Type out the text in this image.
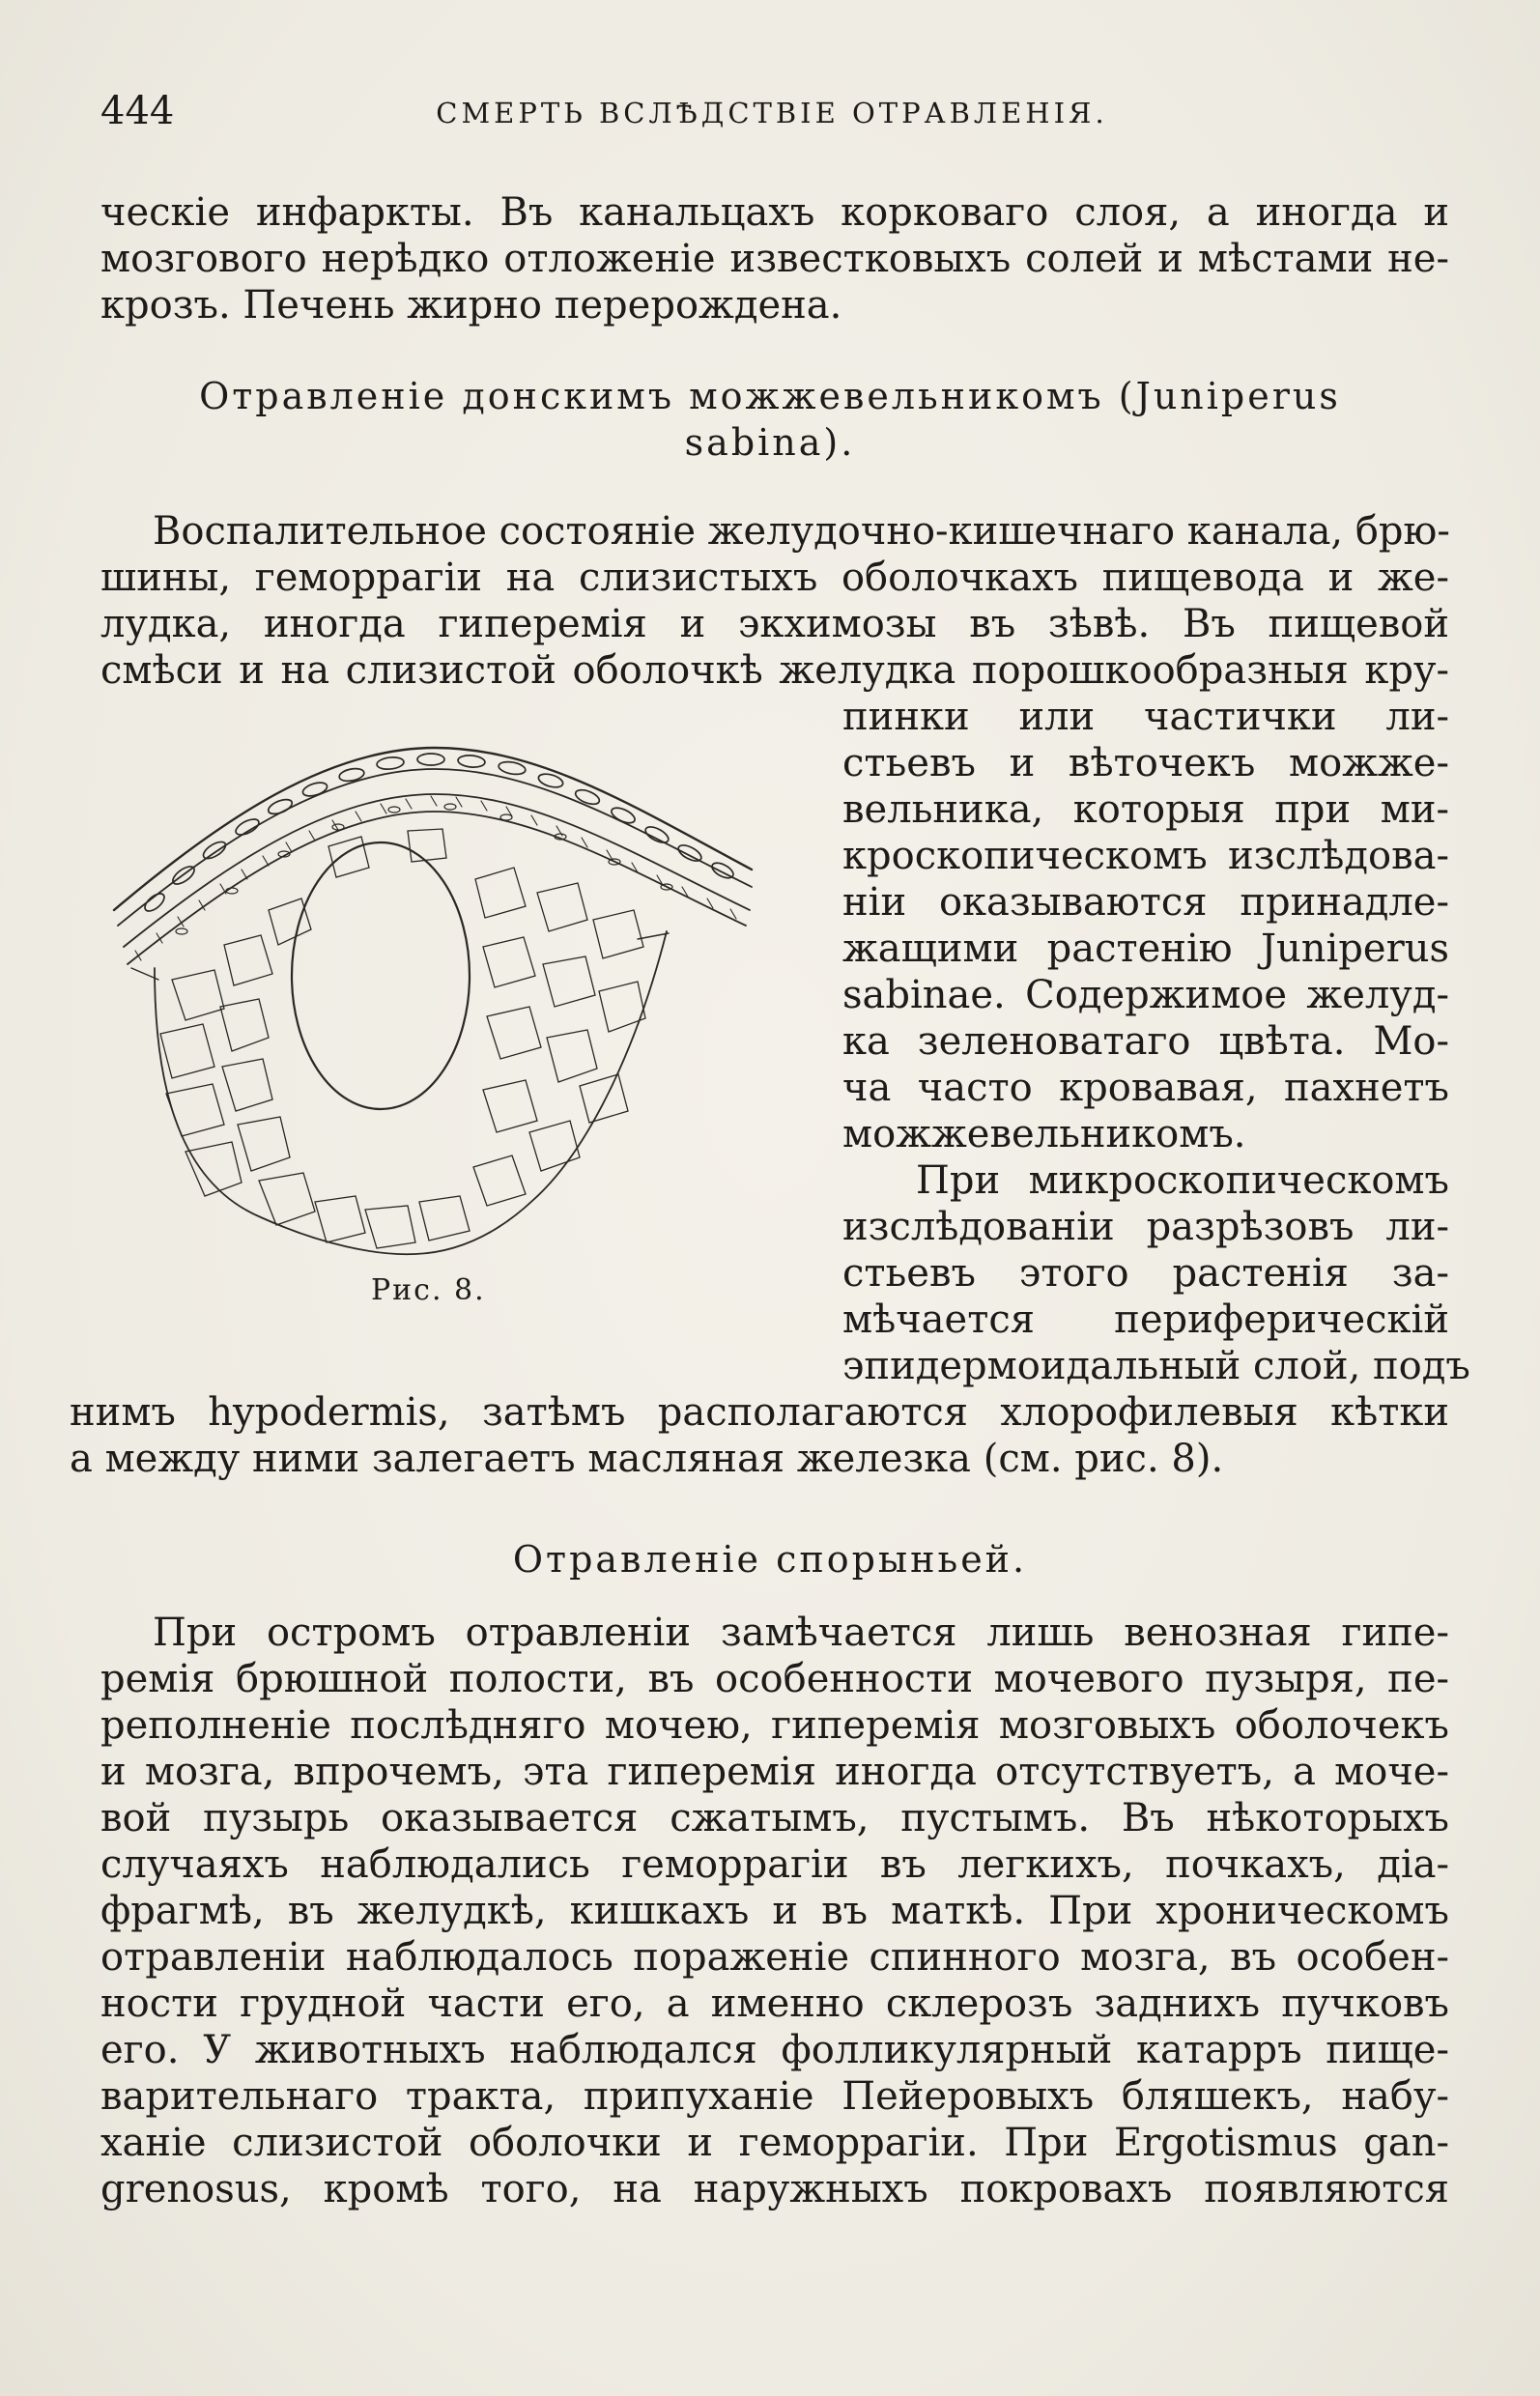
444	СМЕРТЬ ВСЛѢДСТВІЕ ОТРАВЛЕНІЯ.
ческіе инфаркты. Въ канальцахъ корковаго слоя, а иногда и
мозгового нерѣдко отложеніе известковыхъ солей и мѣстами не-
крозъ. Печень жирно перерождена.
Отравленіе донскимъ можжевельникомъ (Juniperus
sabina).
Воспалительное состояніе желудочно-кишечнаго канала, брю-
шины, геморрагіи на слизистыхъ оболочкахъ пищевода и же-
лудка, иногда гиперемія и экхимозы въ зѣвѣ. Въ пищевой
смѣси и на слизистой оболочкѣ желудка порошкообразныя кру-
пинки или частички ли-
стьевъ и вѣточекъ можже-
вельника, которыя при ми-
кроскопическомъ изслѣдова-
ніи оказываются принадле-
жащими растенію Juniperus
sabinae. Содержимое желуд-
ка зеленоватаго цвѣта. Мо-
ча часто кровавая, пахнетъ
можжевельникомъ.
При микроскопическомъ
изслѣдованіи разрѣзовъ ли-
стьевъ этого растенія за-
мѣчается периферическій
эпидермоидальный слой, подъ
нимъ hypodermis, затѣмъ располагаются хлорофилевыя кѣтки
а между ними залегаетъ масляная железка (см. рис. 8).
Рис. 8.
Отравленіе спорыньей.
При остромъ отравленіи замѣчается лишь венозная гипе-
ремія брюшной полости, въ особенности мочевого пузыря, пе-
реполненіе послѣдняго мочею, гиперемія мозговыхъ оболочекъ
и мозга, впрочемъ, эта гиперемія иногда отсутствуетъ, а моче-
вой пузырь оказывается сжатымъ, пустымъ. Въ нѣкоторыхъ
случаяхъ наблюдались геморрагіи въ легкихъ, почкахъ, діа-
фрагмѣ, въ желудкѣ, кишкахъ и въ маткѣ. При хроническомъ
отравленіи наблюдалось пораженіе спинного мозга, въ особен-
ности грудной части его, а именно склерозъ заднихъ пучковъ
его. У животныхъ наблюдался фолликулярный катарръ пище-
варительнаго тракта, припуханіе Пейеровыхъ бляшекъ, набу-
ханіе слизистой оболочки и геморрагіи. При Ergotismus gan-
grenosus, кромѣ того, на наружныхъ покровахъ появляются
